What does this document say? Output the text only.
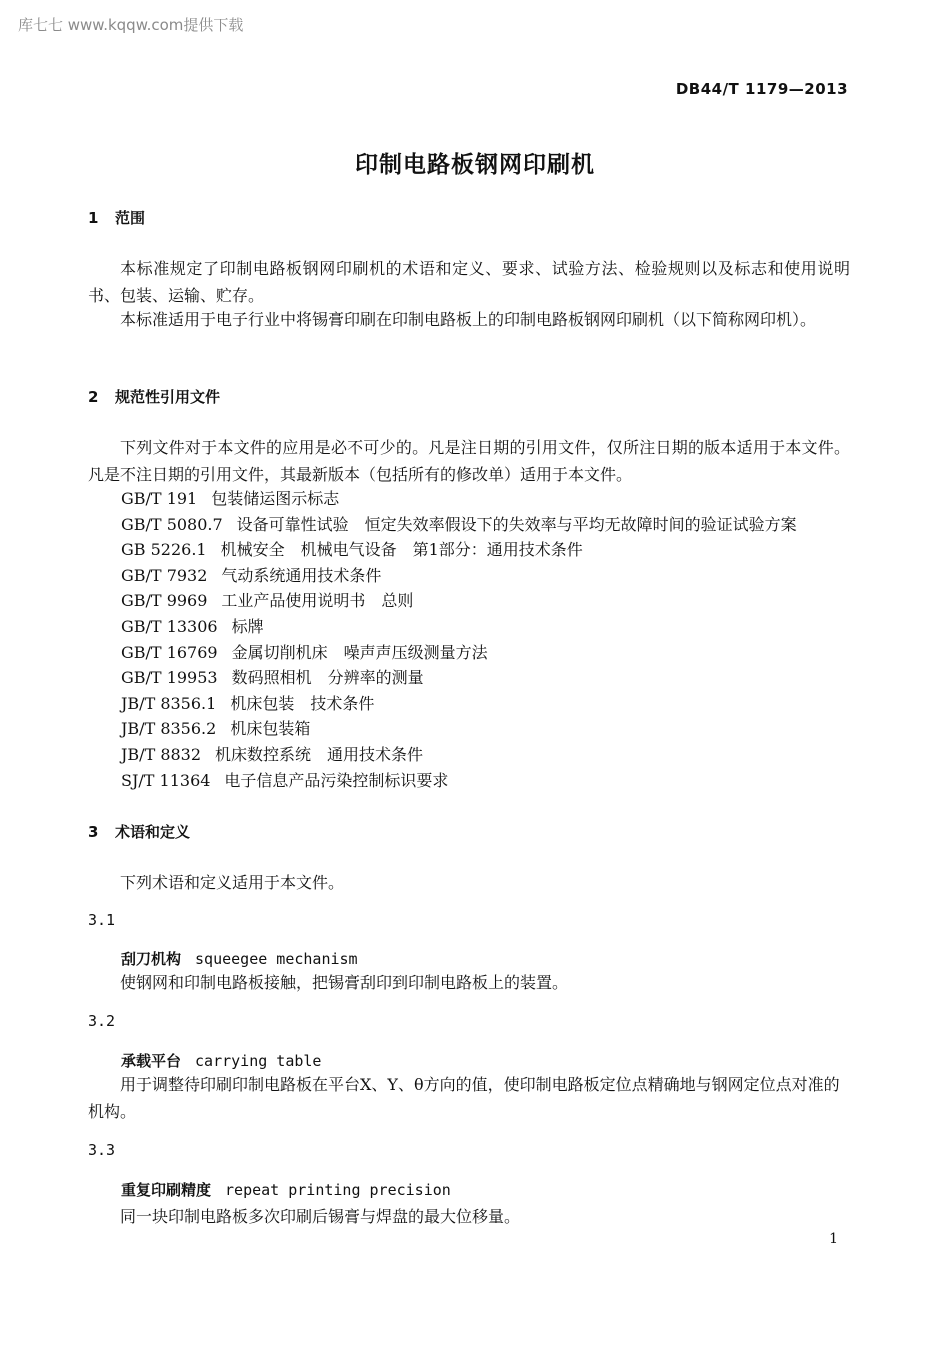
库七七 www.kqqw.com提供下载
DB44/T 1179—2013
印制电路板钢网印刷机
1 范围
本标准规定了印制电路板钢网印刷机的术语和定义、要求、试验方法、检验规则以及标志和使用说明书、包装、运输、贮存。
本标准适用于电子行业中将锡膏印刷在印制电路板上的印制电路板钢网印刷机（以下简称网印机）。
2 规范性引用文件
下列文件对于本文件的应用是必不可少的。凡是注日期的引用文件，仅所注日期的版本适用于本文件。凡是不注日期的引用文件，其最新版本（包括所有的修改单）适用于本文件。
GB/T 191 包装储运图示标志
GB/T 5080.7 设备可靠性试验　恒定失效率假设下的失效率与平均无故障时间的验证试验方案
GB 5226.1 机械安全　机械电气设备　第1部分：通用技术条件
GB/T 7932 气动系统通用技术条件
GB/T 9969 工业产品使用说明书　总则
GB/T 13306 标牌
GB/T 16769 金属切削机床　噪声声压级测量方法
GB/T 19953 数码照相机　分辨率的测量
JB/T 8356.1 机床包装　技术条件
JB/T 8356.2 机床包装箱
JB/T 8832 机床数控系统　通用技术条件
SJ/T 11364 电子信息产品污染控制标识要求
3 术语和定义
下列术语和定义适用于本文件。
3.1
刮刀机构 squeegee mechanism
使钢网和印制电路板接触，把锡膏刮印到印制电路板上的装置。
3.2
承载平台 carrying table
用于调整待印刷印制电路板在平台X、Y、θ方向的值，使印制电路板定位点精确地与钢网定位点对准的机构。
3.3
重复印刷精度 repeat printing precision
同一块印制电路板多次印刷后锡膏与焊盘的最大位移量。
1
